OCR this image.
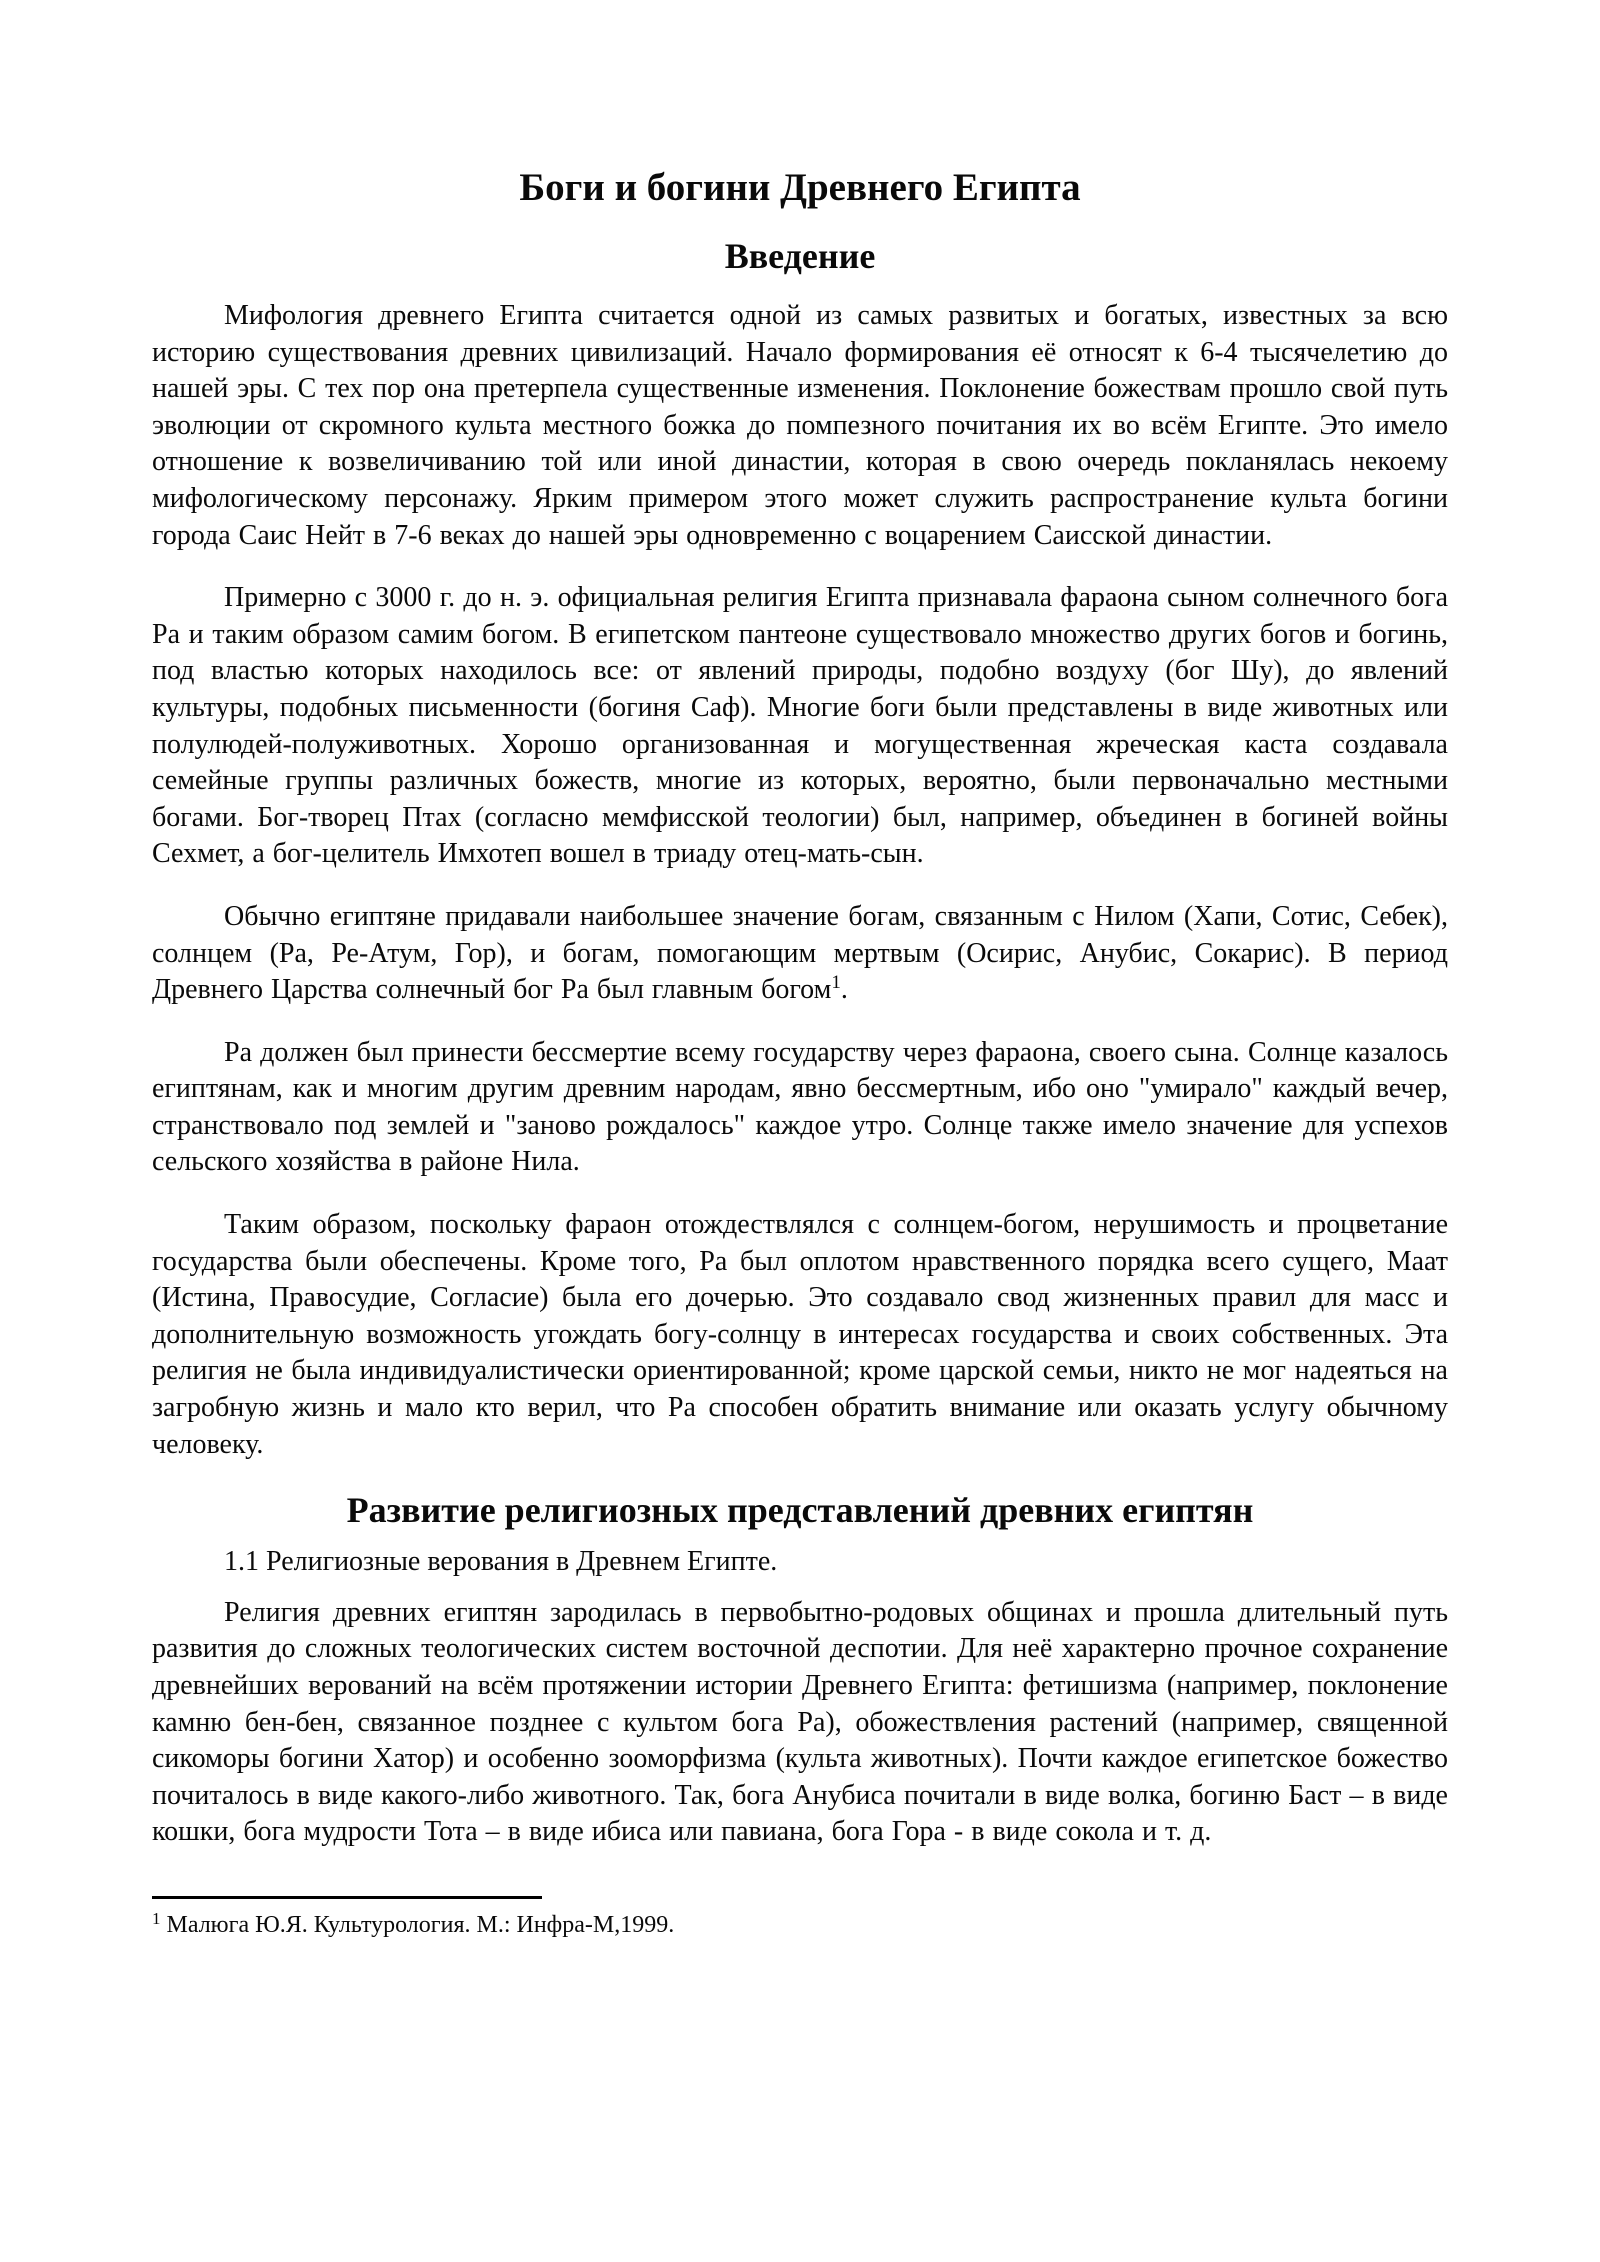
Боги и богини Древнего Египта
Введение

Мифология древнего Египта считается одной из самых развитых и богатых, известных за всю историю существования древних цивилизаций. Начало формирования её относят к 6-4 тысячелетию до нашей эры. С тех пор она претерпела существенные изменения. Поклонение божествам прошло свой путь эволюции от скромного культа местного божка до помпезного почитания их во всём Египте. Это имело отношение к возвеличиванию той или иной династии, которая в свою очередь покланялась некоему мифологическому персонажу. Ярким примером этого может служить распространение культа богини города Саис Нейт в 7-6 веках до нашей эры одновременно с воцарением Саисской династии.

Примерно с 3000 г. до н. э. официальная религия Египта признавала фараона сыном солнечного бога Ра и таким образом самим богом. В египетском пантеоне существовало множество других богов и богинь, под властью которых находилось все: от явлений природы, подобно воздуху (бог Шу), до явлений культуры, подобных письменности (богиня Саф). Многие боги были представлены в виде животных или полулюдей-полуживотных. Хорошо организованная и могущественная жреческая каста создавала семейные группы различных божеств, многие из которых, вероятно, были первоначально местными богами. Бог-творец Птах (согласно мемфисской теологии) был, например, объединен в богиней войны Сехмет, а бог-целитель Имхотеп вошел в триаду отец-мать-сын.

Обычно египтяне придавали наибольшее значение богам, связанным с Нилом (Хапи, Сотис, Себек), солнцем (Ра, Ре-Атум, Гор), и богам, помогающим мертвым (Осирис, Анубис, Сокарис). В период Древнего Царства солнечный бог Ра был главным богом$^1$.

Ра должен был принести бессмертие всему государству через фараона, своего сына. Солнце казалось египтянам, как и многим другим древним народам, явно бессмертным, ибо оно "умирало" каждый вечер, странствовало под землей и "заново рождалось" каждое утро. Солнце также имело значение для успехов сельского хозяйства в районе Нила.

Таким образом, поскольку фараон отождествлялся с солнцем-богом, нерушимость и процветание государства были обеспечены. Кроме того, Ра был оплотом нравственного порядка всего сущего, Маат (Истина, Правосудие, Согласие) была его дочерью. Это создавало свод жизненных правил для масс и дополнительную возможность угождать богу-солнцу в интересах государства и своих собственных. Эта религия не была индивидуалистически ориентированной; кроме царской семьи, никто не мог надеяться на загробную жизнь и мало кто верил, что Ра способен обратить внимание или оказать услугу обычному человеку.

Развитие религиозных представлений древних египтян

1.1 Религиозные верования в Древнем Египте.

Религия древних египтян зародилась в первобытно-родовых общинах и прошла длительный путь развития до сложных теологических систем восточной деспотии. Для неё характерно прочное сохранение древнейших верований на всём протяжении истории Древнего Египта: фетишизма (например, поклонение камню бен-бен, связанное позднее с культом бога Ра), обожествления растений (например, священной сикоморы богини Хатор) и особенно зооморфизма (культа животных). Почти каждое египетское божество почиталось в виде какого-либо животного. Так, бога Анубиса почитали в виде волка, богиню Баст – в виде кошки, бога мудрости Тота – в виде ибиса или павиана, бога Гора - в виде сокола и т. д.

$^1$ Малюга Ю.Я. Культурология. М.: Инфра-М,1999.
